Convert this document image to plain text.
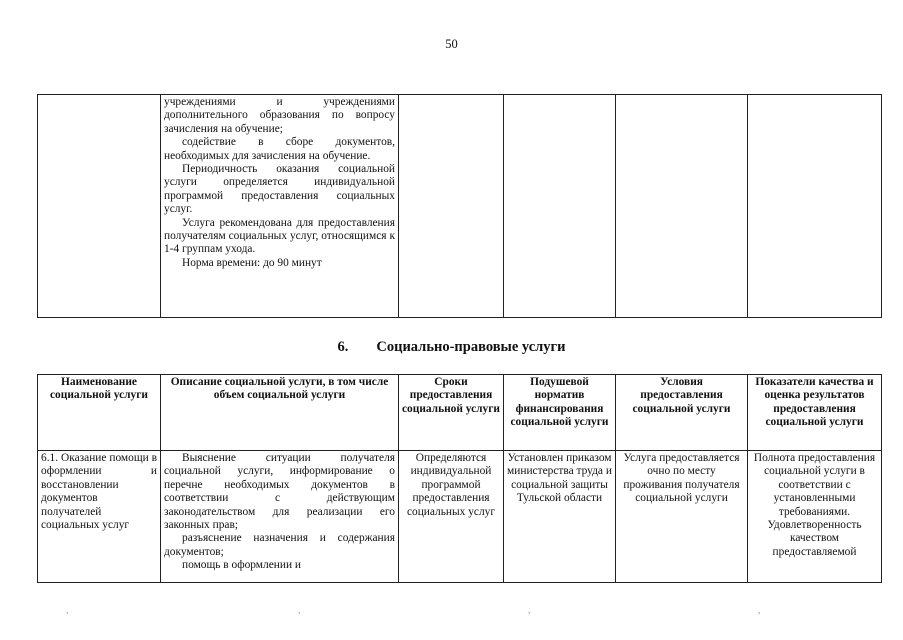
50

учреждениями и учреждениями дополнительного образования по вопросу зачисления на обучение;

содействие в сборе документов, необходимых для зачисления на обучение.

Периодичность оказания социальной услуги определяется индивидуальной программой предоставления социальных услуг.

Услуга рекомендована для предоставления получателям социальных услуг, относящимся к 1-4 группам ухода.

Норма времени: до 90 минут

6. Социально-правовые услуги
Наименование социальной услуги	Описание социальной услуги, в том числе объем социальной услуги	Сроки предоставления социальной услуги	Подушевой норматив финансирования социальной услуги	Условия предоставления социальной услуги	Показатели качества и оценка результатов предоставления социальной услуги

6.1. Оказание помощи в оформлении и восстановлении документов получателей социальных услуг	Выяснение ситуации получателя социальной услуги, информирование о перечне необходимых документов в соответствии с действующим законодательством для реализации его законных прав;

разъяснение назначения и содержания документов;

помощь в оформлении и	Определяются индивидуальной программой предоставления социальных услуг	Установлен приказом министерства труда и социальной защиты Тульской области	Услуга предоставляется очно по месту проживания получателя социальной услуги	Полнота предоставления социальной услуги в соответствии с установленными требованиями. Удовлетворенность качеством предоставляемой
,	,	,	,
